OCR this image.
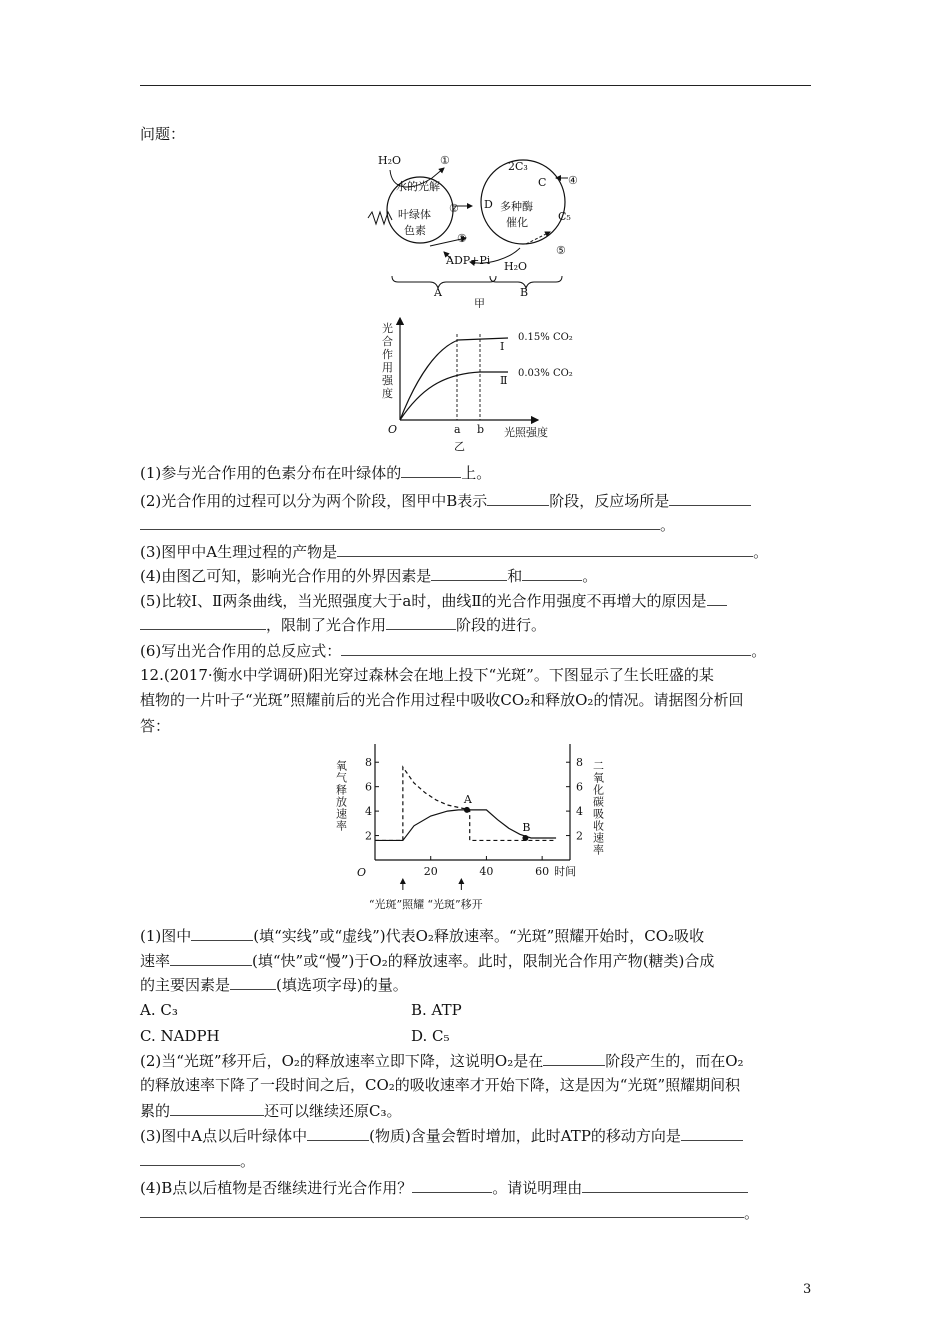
问题：
H₂O	①
水的光解
② D
叶绿体
色素
③
ADP+Pi H₂O
2C₃
C ④
多种酶
催化	C₅
⑤
A	B
甲
光
合
作
用
强
度
O	a b 光照强度
0.15% CO₂
Ⅰ
0.03% CO₂
Ⅱ
乙
(1)参与光合作用的色素分布在叶绿体的	上。
(2)光合作用的过程可以分为两个阶段，图甲中B表示	阶段，反应场所是
。
(3)图甲中A生理过程的产物是	。
(4)由图乙可知，影响光合作用的外界因素是	和	。
(5)比较Ⅰ、Ⅱ两条曲线，当光照强度大于a时，曲线Ⅱ的光合作用强度不再增大的原因是
，限制了光合作用	阶段的进行。
(6)写出光合作用的总反应式：	。
12.(2017·衡水中学调研)阳光穿过森林会在地上投下“光斑”。下图显示了生长旺盛的某
植物的一片叶子“光斑”照耀前后的光合作用过程中吸收CO₂和释放O₂的情况。请据图分析回
答：
2	2
4	4
6	6
8	8
20	40	60
O	时间
氧气释放速率	二氧化碳吸收速率
A
B
“光斑”照耀 “光斑”移开
(1)图中	(填“实线”或“虚线”)代表O₂释放速率。“光斑”照耀开始时，CO₂吸收
速率	(填“快”或“慢”)于O₂的释放速率。此时，限制光合作用产物(糖类)合成
的主要因素是	(填选项字母)的量。
A. C₃	B. ATP
C. NADPH	D. C₅
(2)当“光斑”移开后，O₂的释放速率立即下降，这说明O₂是在	阶段产生的，而在O₂
的释放速率下降了一段时间之后，CO₂的吸收速率才开始下降，这是因为“光斑”照耀期间积
累的	还可以继续还原C₃。
(3)图中A点以后叶绿体中	(物质)含量会暂时增加，此时ATP的移动方向是
。
(4)B点以后植物是否继续进行光合作用？	。请说明理由
。
3
